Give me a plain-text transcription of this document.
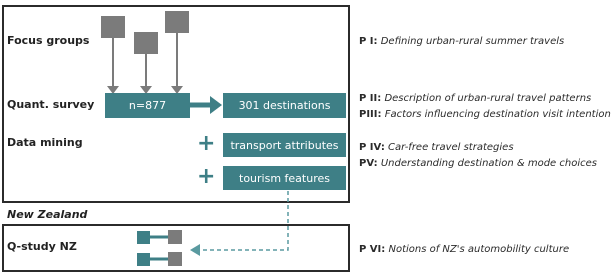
Focus groups
Quant. survey
Data mining
New Zealand
Q-study NZ
n=877	301 destinations
transport attributes
tourism features
+
+
P I: Defining urban-rural summer travels
P II: Description of urban-rural travel patterns
PIII: Factors influencing destination visit intention
P IV: Car-free travel strategies
PV: Understanding destination & mode choices
P VI: Notions of NZ's automobility culture
